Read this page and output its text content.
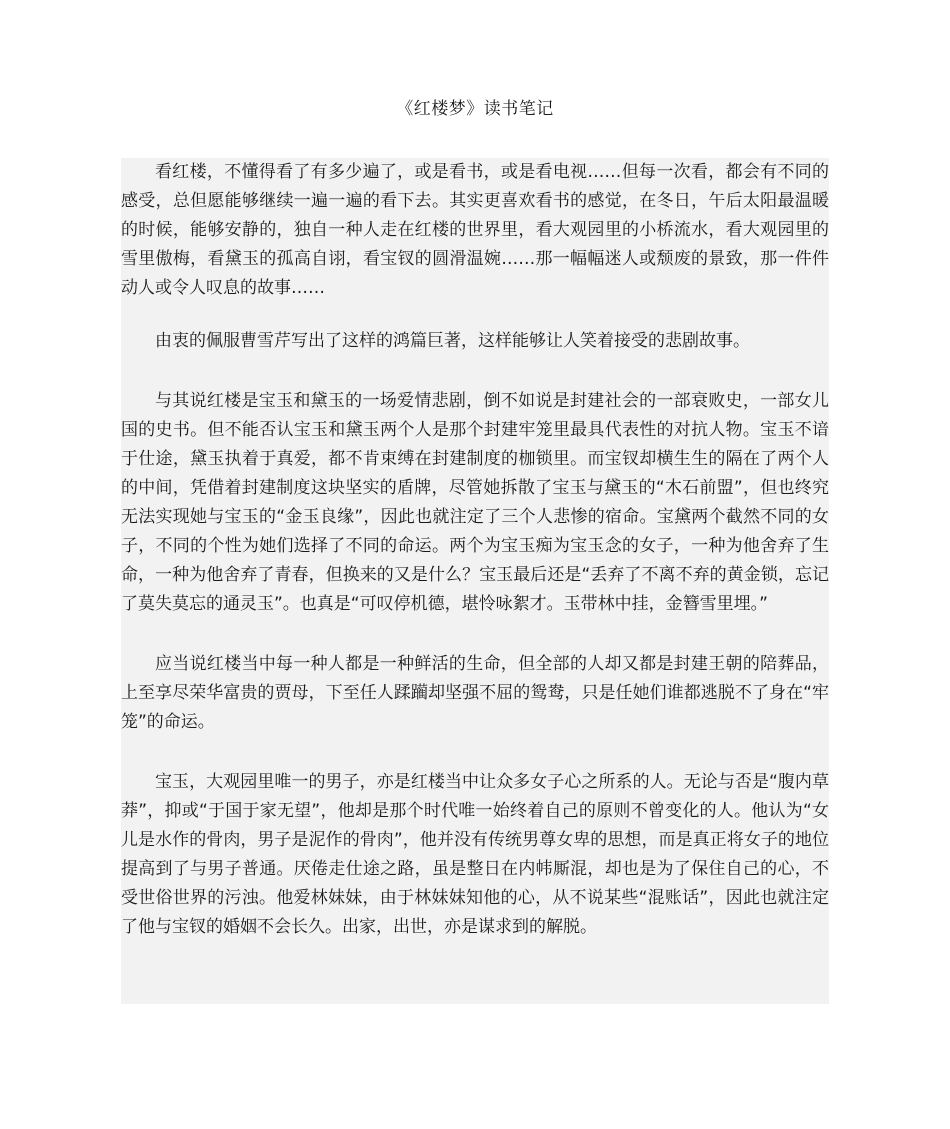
《红楼梦》读书笔记

看红楼，不懂得看了有多少遍了，或是看书，或是看电视……但每一次看，都会有不同的感受，总但愿能够继续一遍一遍的看下去。其实更喜欢看书的感觉，在冬日，午后太阳最温暖的时候，能够安静的，独自一种人走在红楼的世界里，看大观园里的小桥流水，看大观园里的雪里傲梅，看黛玉的孤高自诩，看宝钗的圆滑温婉……那一幅幅迷人或颓废的景致，那一件件动人或令人叹息的故事……

由衷的佩服曹雪芹写出了这样的鸿篇巨著，这样能够让人笑着接受的悲剧故事。

与其说红楼是宝玉和黛玉的一场爱情悲剧，倒不如说是封建社会的一部衰败史，一部女儿国的史书。但不能否认宝玉和黛玉两个人是那个封建牢笼里最具代表性的对抗人物。宝玉不谙于仕途，黛玉执着于真爱，都不肯束缚在封建制度的枷锁里。而宝钗却横生生的隔在了两个人的中间，凭借着封建制度这块坚实的盾牌，尽管她拆散了宝玉与黛玉的“木石前盟”，但也终究无法实现她与宝玉的“金玉良缘”，因此也就注定了三个人悲惨的宿命。宝黛两个截然不同的女子，不同的个性为她们选择了不同的命运。两个为宝玉痴为宝玉念的女子，一种为他舍弃了生命，一种为他舍弃了青春，但换来的又是什么？宝玉最后还是“丢弃了不离不弃的黄金锁，忘记了莫失莫忘的通灵玉”。也真是“可叹停机德，堪怜咏絮才。玉带林中挂，金簪雪里埋。”

应当说红楼当中每一种人都是一种鲜活的生命，但全部的人却又都是封建王朝的陪葬品，上至享尽荣华富贵的贾母，下至任人蹂躏却坚强不屈的鸳鸯，只是任她们谁都逃脱不了身在“牢笼”的命运。

宝玉，大观园里唯一的男子，亦是红楼当中让众多女子心之所系的人。无论与否是“腹内草莽”，抑或“于国于家无望”，他却是那个时代唯一始终着自己的原则不曾变化的人。他认为“女儿是水作的骨肉，男子是泥作的骨肉”，他并没有传统男尊女卑的思想，而是真正将女子的地位提高到了与男子普通。厌倦走仕途之路，虽是整日在内帏厮混，却也是为了保住自己的心，不受世俗世界的污浊。他爱林妹妹，由于林妹妹知他的心，从不说某些“混账话”，因此也就注定了他与宝钗的婚姻不会长久。出家，出世，亦是谋求到的解脱。
